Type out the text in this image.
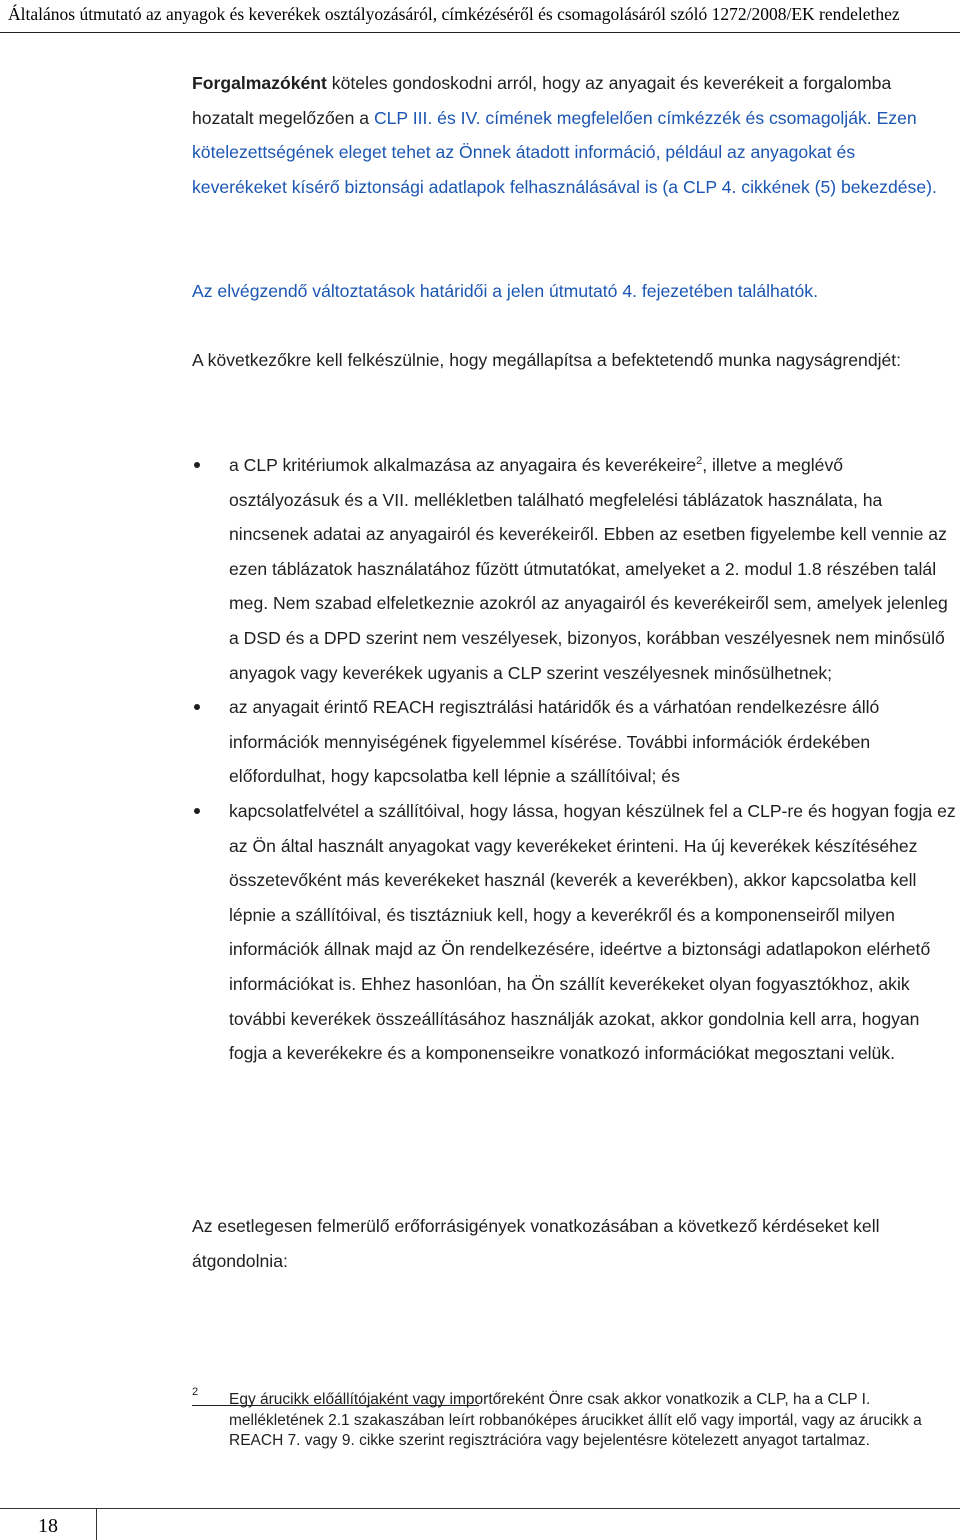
Általános útmutató az anyagok és keverékek osztályozásáról, címkézéséről és csomagolásáról szóló 1272/2008/EK rendelethez
Forgalmazóként köteles gondoskodni arról, hogy az anyagait és keverékeit a forgalomba hozatalt megelőzően a CLP III. és IV. címének megfelelően címkézzék és csomagolják. Ezen kötelezettségének eleget tehet az Önnek átadott információ, például az anyagokat és keverékeket kísérő biztonsági adatlapok felhasználásával is (a CLP 4. cikkének (5) bekezdése).
Az elvégzendő változtatások határidői a jelen útmutató 4. fejezetében találhatók.
A következőkre kell felkészülnie, hogy megállapítsa a befektetendő munka nagyságrendjét:
a CLP kritériumok alkalmazása az anyagaira és keverékeire$^2$, illetve a meglévő osztályozásuk és a VII. mellékletben található megfelelési táblázatok használata, ha nincsenek adatai az anyagairól és keverékeiről. Ebben az esetben figyelembe kell vennie az ezen táblázatok használatához fűzött útmutatókat, amelyeket a 2. modul 1.8 részében talál meg. Nem szabad elfeletkeznie azokról az anyagairól és keverékeiről sem, amelyek jelenleg a DSD és a DPD szerint nem veszélyesek, bizonyos, korábban veszélyesnek nem minősülő anyagok vagy keverékek ugyanis a CLP szerint veszélyesnek minősülhetnek;
az anyagait érintő REACH regisztrálási határidők és a várhatóan rendelkezésre álló információk mennyiségének figyelemmel kísérése. További információk érdekében előfordulhat, hogy kapcsolatba kell lépnie a szállítóival; és
kapcsolatfelvétel a szállítóival, hogy lássa, hogyan készülnek fel a CLP-re és hogyan fogja ez az Ön által használt anyagokat vagy keverékeket érinteni. Ha új keverékek készítéséhez összetevőként más keverékeket használ (keverék a keverékben), akkor kapcsolatba kell lépnie a szállítóival, és tisztázniuk kell, hogy a keverékről és a komponenseiről milyen információk állnak majd az Ön rendelkezésére, ideértve a biztonsági adatlapokon elérhető információkat is. Ehhez hasonlóan, ha Ön szállít keverékeket olyan fogyasztókhoz, akik további keverékek összeállításához használják azokat, akkor gondolnia kell arra, hogyan fogja a keverékekre és a komponenseikre vonatkozó információkat megosztani velük.
Az esetlegesen felmerülő erőforrásigények vonatkozásában a következő kérdéseket kell átgondolnia:
2 Egy árucikk előállítójaként vagy importőreként Önre csak akkor vonatkozik a CLP, ha a CLP I. mellékletének 2.1 szakaszában leírt robbanóképes árucikket állít elő vagy importál, vagy az árucikk a REACH 7. vagy 9. cikke szerint regisztrációra vagy bejelentésre kötelezett anyagot tartalmaz.
18
